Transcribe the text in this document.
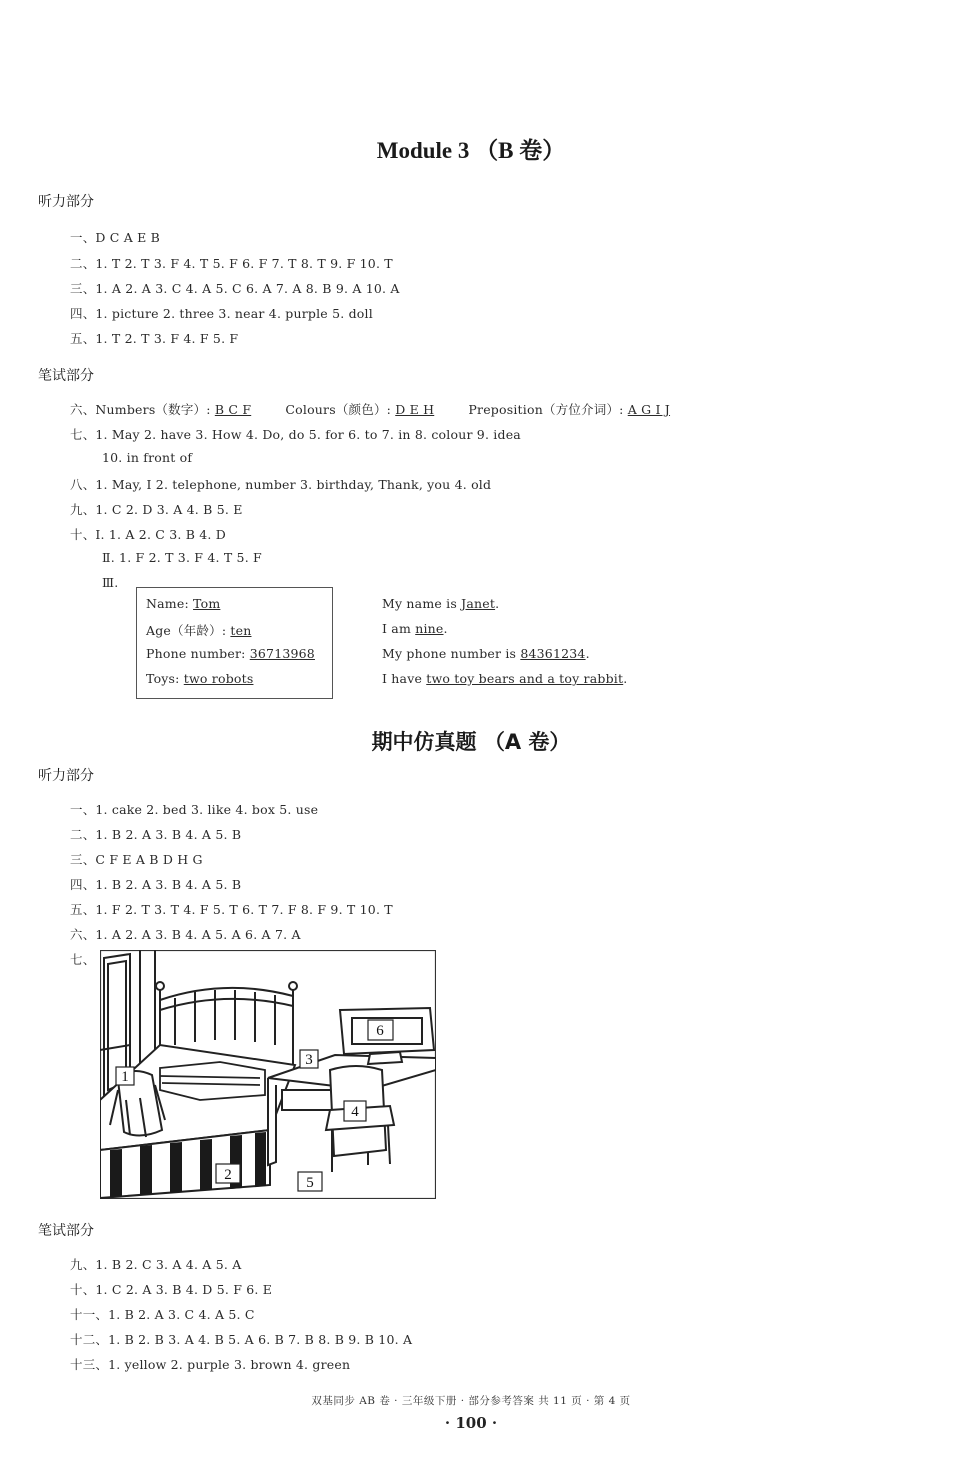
Module 3 （B 卷）
听力部分
一、D C A E B
二、1. T 2. T 3. F 4. T 5. F 6. F 7. T 8. T 9. F 10. T
三、1. A 2. A 3. C 4. A 5. C 6. A 7. A 8. B 9. A 10. A
四、1. picture 2. three 3. near 4. purple 5. doll
五、1. T 2. T 3. F 4. F 5. F
笔试部分
六、Numbers（数字）: B C F	Colours（颜色）: D E H	Preposition（方位介词）: A G I J
七、1. May 2. have 3. How 4. Do, do 5. for 6. to 7. in 8. colour 9. idea
10. in front of
八、1. May, I 2. telephone, number 3. birthday, Thank, you 4. old
九、1. C 2. D 3. A 4. B 5. E
十、Ⅰ. 1. A 2. C 3. B 4. D
Ⅱ. 1. F 2. T 3. F 4. T 5. F
Ⅲ.
Name: Tom
Age（年龄）: ten
Phone number: 36713968
Toys: two robots
My name is Janet.
I am nine.
My phone number is 84361234.
I have two toy bears and a toy rabbit.
期中仿真题 （A 卷）
听力部分
一、1. cake 2. bed 3. like 4. box 5. use
二、1. B 2. A 3. B 4. A 5. B
三、C F E A B D H G
四、1. B 2. A 3. B 4. A 5. B
五、1. F 2. T 3. T 4. F 5. T 6. T 7. F 8. F 9. T 10. T
六、1. A 2. A 3. B 4. A 5. A 6. A 7. A
七、
1
2
3
4
5
6
笔试部分
九、1. B 2. C 3. A 4. A 5. A
十、1. C 2. A 3. B 4. D 5. F 6. E
十一、1. B 2. A 3. C 4. A 5. C
十二、1. B 2. B 3. A 4. B 5. A 6. B 7. B 8. B 9. B 10. A
十三、1. yellow 2. purple 3. brown 4. green
双基同步 AB 卷 · 三年级下册 · 部分参考答案 共 11 页 · 第 4 页
· 100 ·
